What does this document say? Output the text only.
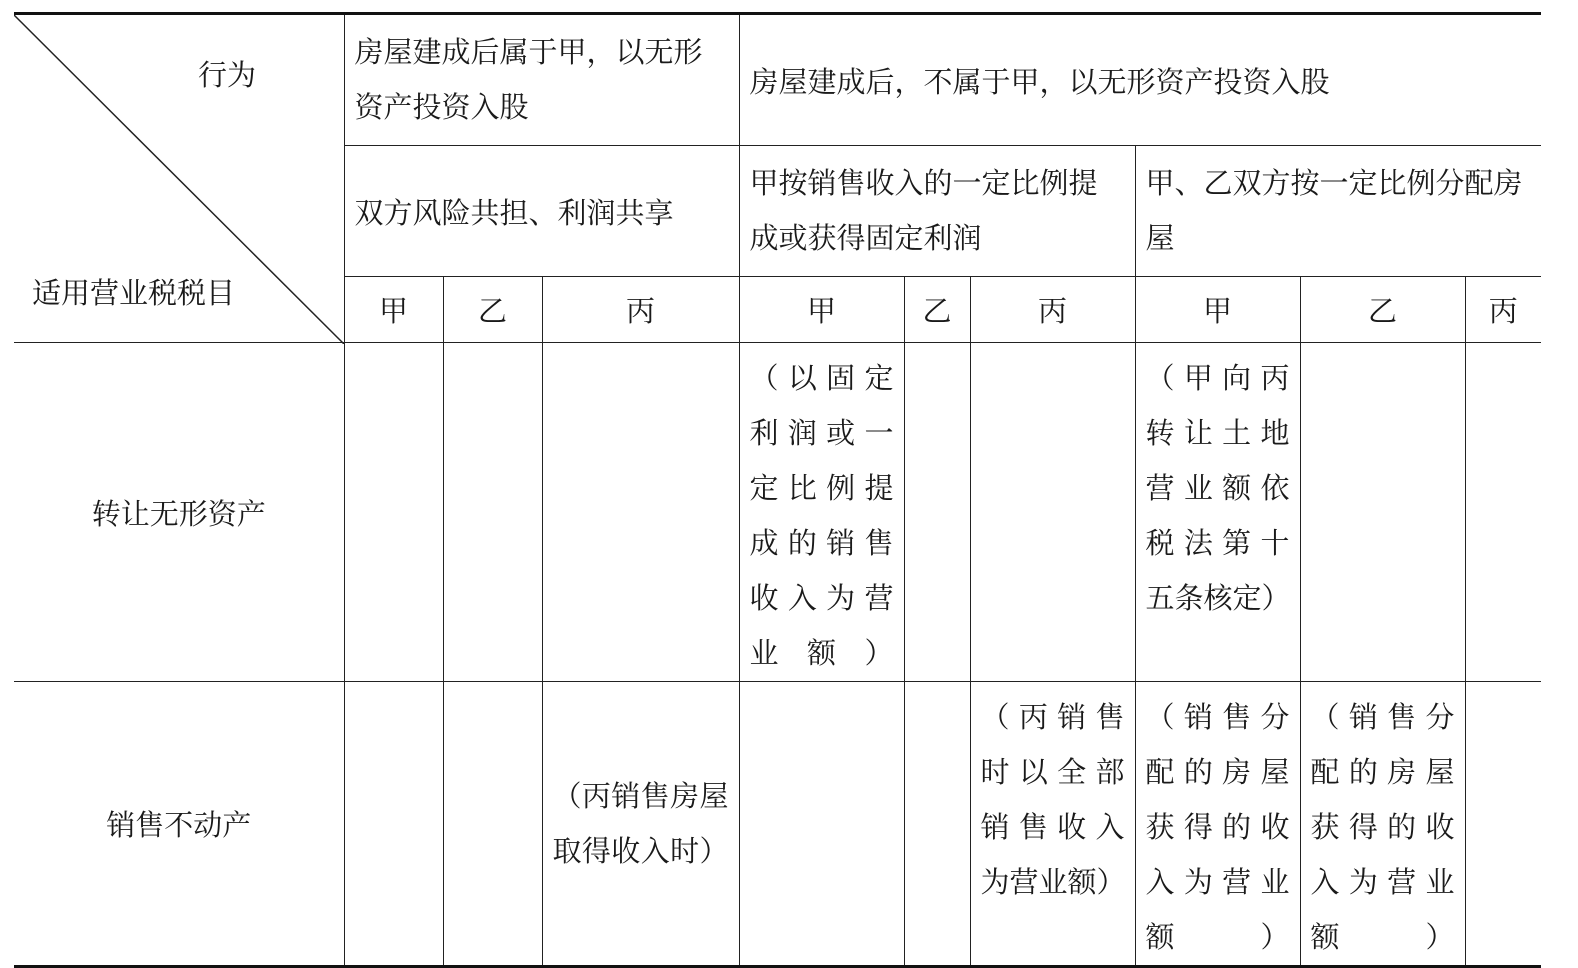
行为
适用营业税税目	房屋建成后属于甲，以无形资产投资入股			房屋建成后，不属于甲，以无形资产投资入股					
	双方风险共担、利润共享			甲按销售收入的一定比例提成或获得固定利润			甲、乙双方按一定比例分配房屋		
	甲	乙	丙	甲	乙	丙	甲	乙	丙
转让无形资产				（以固定利润或一定比例提成的销售收入为营业额）			（甲向丙转让土地营业额依税法第十五条核定）		
销售不动产			（丙销售房屋取得收入时）			（丙销售时以全部销售收入为营业额）	（销售分配的房屋获得的收入为营业额）	（销售分配的房屋获得的收入为营业额）	
